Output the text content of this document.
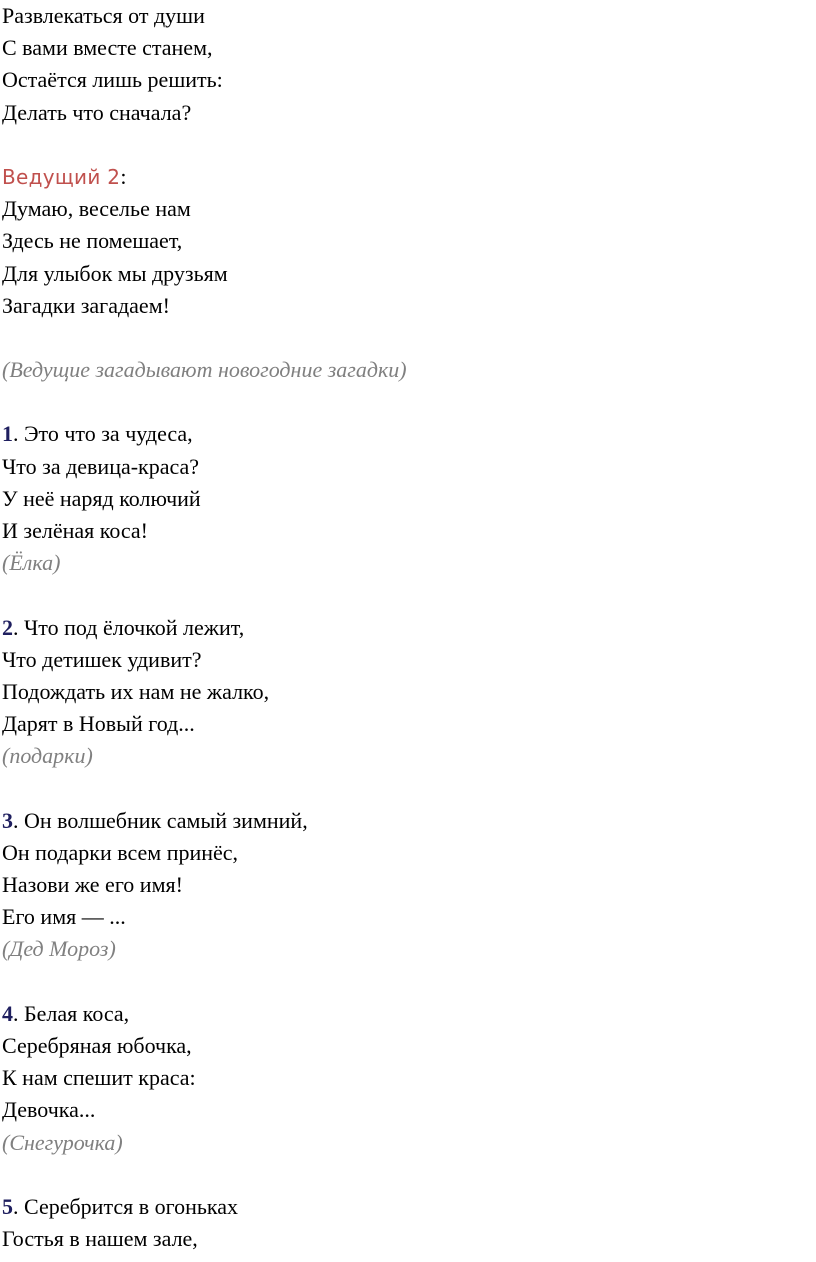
Развлекаться от души
С вами вместе станем,
Остаётся лишь решить:
Делать что сначала?
Ведущий 2:
Думаю, веселье нам
Здесь не помешает,
Для улыбок мы друзьям
Загадки загадаем!
(Ведущие загадывают новогодние загадки)
1. Это что за чудеса,
Что за девица-краса?
У неё наряд колючий
И зелёная коса!
(Ёлка)
2. Что под ёлочкой лежит,
Что детишек удивит?
Подождать их нам не жалко,
Дарят в Новый год...
(подарки)
3. Он волшебник самый зимний,
Он подарки всем принёс,
Назови же его имя!
Его имя — ...
(Дед Мороз)
4. Белая коса,
Серебряная юбочка,
К нам спешит краса:
Девочка...
(Снегурочка)
5. Серебрится в огоньках
Гостья в нашем зале,
